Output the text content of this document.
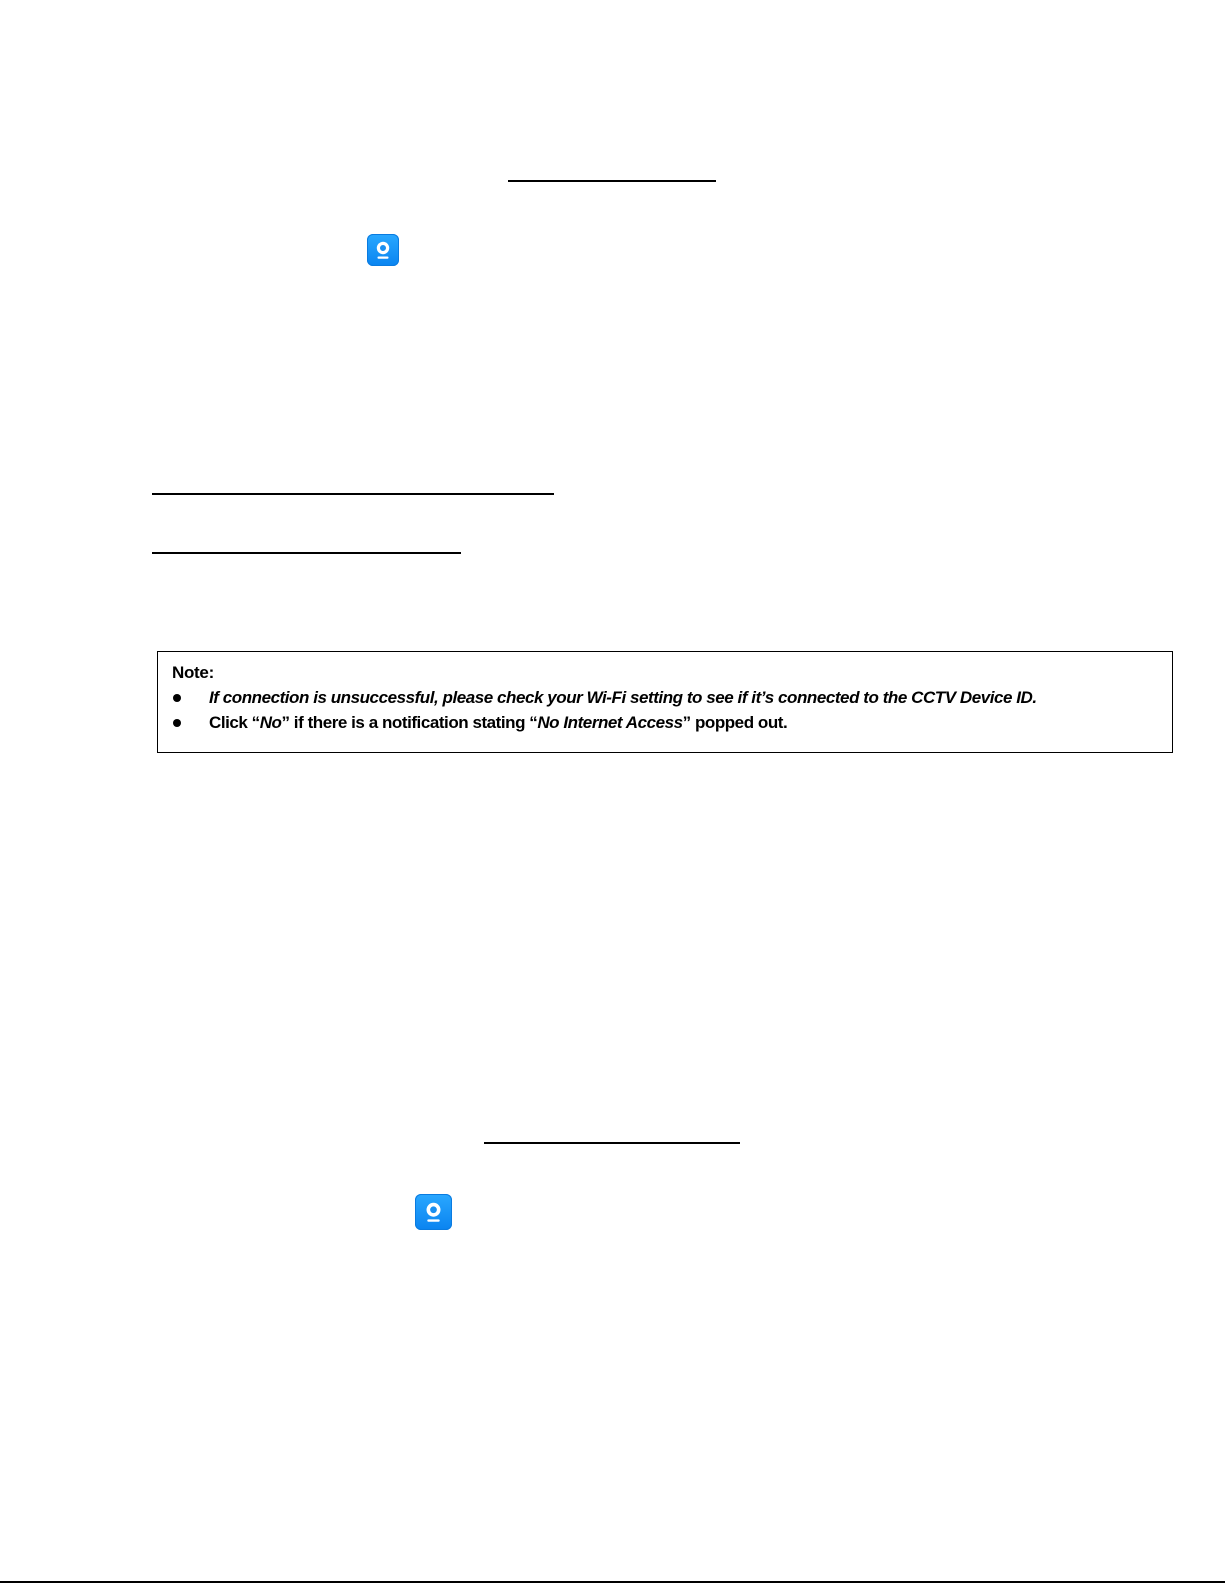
Note:
If connection is unsuccessful, please check your Wi-Fi setting to see if it’s connected to the CCTV Device ID.
Click “No” if there is a notification stating “No Internet Access” popped out.
